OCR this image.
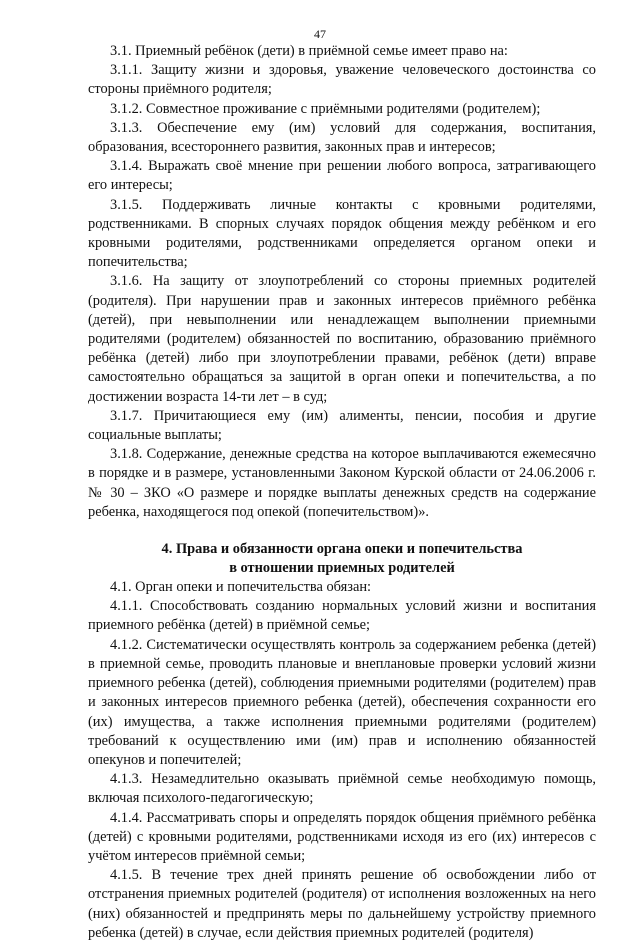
47

3.1. Приемный ребёнок (дети) в приёмной семье имеет право на:

3.1.1. Защиту жизни и здоровья, уважение человеческого достоинства со стороны приёмного родителя;

3.1.2. Совместное проживание с приёмными родителями (родителем);

3.1.3. Обеспечение ему (им) условий для содержания, воспитания, образования, всестороннего развития, законных прав и интересов;

3.1.4. Выражать своё мнение при решении любого вопроса, затрагивающего его интересы;

3.1.5. Поддерживать личные контакты с кровными родителями, родственниками. В спорных случаях порядок общения между ребёнком и его кровными родителями, родственниками определяется органом опеки и попечительства;

3.1.6. На защиту от злоупотреблений со стороны приемных родителей (родителя). При нарушении прав и законных интересов приёмного ребёнка (детей), при невыполнении или ненадлежащем выполнении приемными родителями (родителем) обязанностей по воспитанию, образованию приёмного ребёнка (детей) либо при злоупотреблении правами, ребёнок (дети) вправе самостоятельно обращаться за защитой в орган опеки и попечительства, а по достижении возраста 14-ти лет – в суд;

3.1.7. Причитающиеся ему (им) алименты, пенсии, пособия и другие социальные выплаты;

3.1.8. Содержание, денежные средства на которое выплачиваются ежемесячно в порядке и в размере, установленными Законом Курской области от 24.06.2006 г. № 30 – ЗКО «О размере и порядке выплаты денежных средств на содержание ребенка, находящегося под опекой (попечительством)».

4. Права и обязанности органа опеки и попечительства
в отношении приемных родителей

4.1. Орган опеки и попечительства обязан:

4.1.1. Способствовать созданию нормальных условий жизни и воспитания приемного ребёнка (детей) в приёмной семье;

4.1.2. Систематически осуществлять контроль за содержанием ребенка (детей) в приемной семье, проводить плановые и внеплановые проверки условий жизни приемного ребенка (детей), соблюдения приемными родителями (родителем) прав и законных интересов приемного ребенка (детей), обеспечения сохранности его (их) имущества, а также исполнения приемными родителями (родителем) требований к осуществлению ими (им) прав и исполнению обязанностей опекунов и попечителей;

4.1.3. Незамедлительно оказывать приёмной семье необходимую помощь, включая психолого-педагогическую;

4.1.4. Рассматривать споры и определять порядок общения приёмного ребёнка (детей) с кровными родителями, родственниками исходя из его (их) интересов с учётом интересов приёмной семьи;

4.1.5. В течение трех дней принять решение об освобождении либо от отстранения приемных родителей (родителя) от исполнения возложенных на него (них) обязанностей и предпринять меры по дальнейшему устройству приемного ребенка (детей) в случае, если действия приемных родителей (родителя)
